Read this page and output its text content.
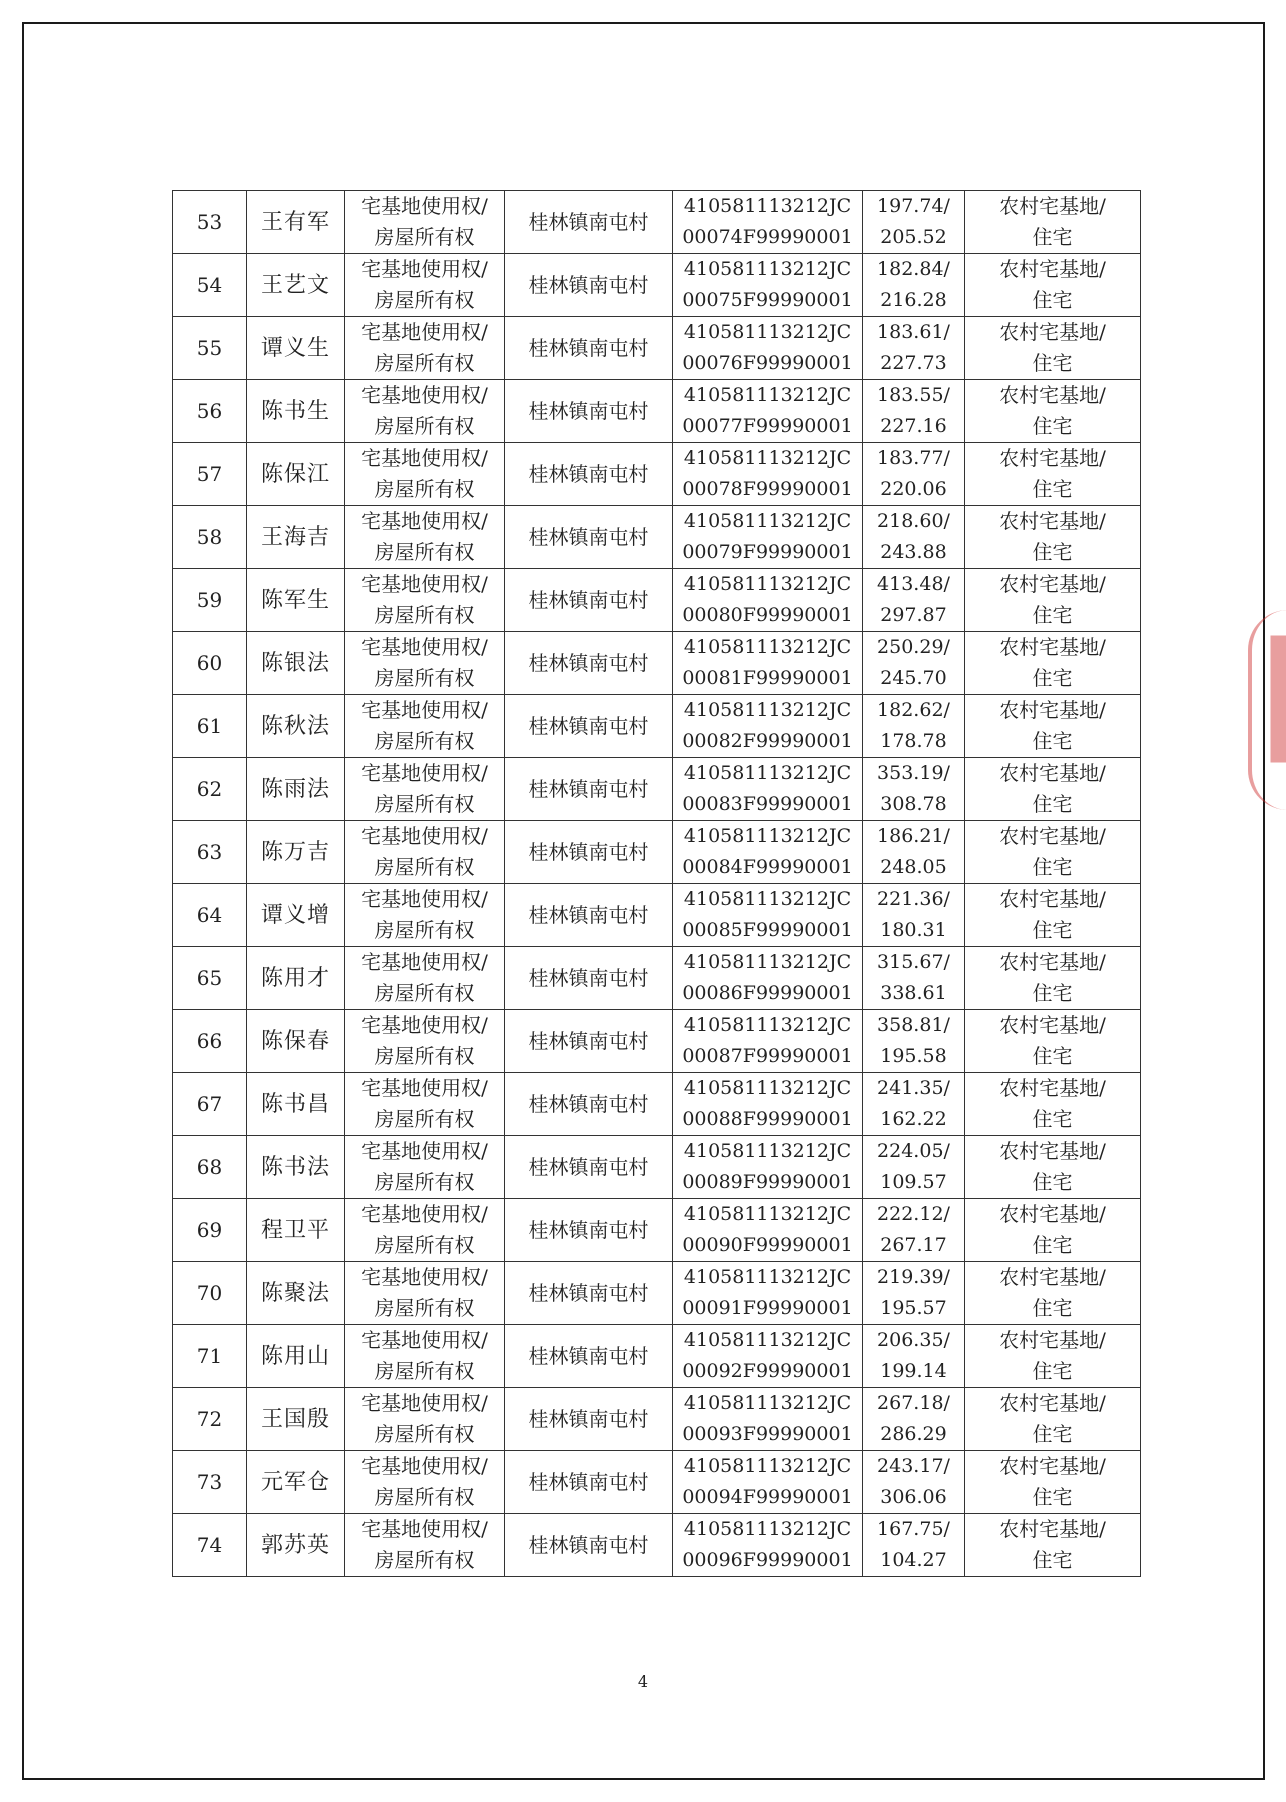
53	王有军	宅基地使用权/
房屋所有权	桂林镇南屯村	410581113212JC
00074F99990001	197.74/
205.52	农村宅基地/
住宅

54	王艺文	宅基地使用权/
房屋所有权	桂林镇南屯村	410581113212JC
00075F99990001	182.84/
216.28	农村宅基地/
住宅

55	谭义生	宅基地使用权/
房屋所有权	桂林镇南屯村	410581113212JC
00076F99990001	183.61/
227.73	农村宅基地/
住宅

56	陈书生	宅基地使用权/
房屋所有权	桂林镇南屯村	410581113212JC
00077F99990001	183.55/
227.16	农村宅基地/
住宅

57	陈保江	宅基地使用权/
房屋所有权	桂林镇南屯村	410581113212JC
00078F99990001	183.77/
220.06	农村宅基地/
住宅

58	王海吉	宅基地使用权/
房屋所有权	桂林镇南屯村	410581113212JC
00079F99990001	218.60/
243.88	农村宅基地/
住宅

59	陈军生	宅基地使用权/
房屋所有权	桂林镇南屯村	410581113212JC
00080F99990001	413.48/
297.87	农村宅基地/
住宅

60	陈银法	宅基地使用权/
房屋所有权	桂林镇南屯村	410581113212JC
00081F99990001	250.29/
245.70	农村宅基地/
住宅

61	陈秋法	宅基地使用权/
房屋所有权	桂林镇南屯村	410581113212JC
00082F99990001	182.62/
178.78	农村宅基地/
住宅

62	陈雨法	宅基地使用权/
房屋所有权	桂林镇南屯村	410581113212JC
00083F99990001	353.19/
308.78	农村宅基地/
住宅

63	陈万吉	宅基地使用权/
房屋所有权	桂林镇南屯村	410581113212JC
00084F99990001	186.21/
248.05	农村宅基地/
住宅

64	谭义增	宅基地使用权/
房屋所有权	桂林镇南屯村	410581113212JC
00085F99990001	221.36/
180.31	农村宅基地/
住宅

65	陈用才	宅基地使用权/
房屋所有权	桂林镇南屯村	410581113212JC
00086F99990001	315.67/
338.61	农村宅基地/
住宅

66	陈保春	宅基地使用权/
房屋所有权	桂林镇南屯村	410581113212JC
00087F99990001	358.81/
195.58	农村宅基地/
住宅

67	陈书昌	宅基地使用权/
房屋所有权	桂林镇南屯村	410581113212JC
00088F99990001	241.35/
162.22	农村宅基地/
住宅

68	陈书法	宅基地使用权/
房屋所有权	桂林镇南屯村	410581113212JC
00089F99990001	224.05/
109.57	农村宅基地/
住宅

69	程卫平	宅基地使用权/
房屋所有权	桂林镇南屯村	410581113212JC
00090F99990001	222.12/
267.17	农村宅基地/
住宅

70	陈聚法	宅基地使用权/
房屋所有权	桂林镇南屯村	410581113212JC
00091F99990001	219.39/
195.57	农村宅基地/
住宅

71	陈用山	宅基地使用权/
房屋所有权	桂林镇南屯村	410581113212JC
00092F99990001	206.35/
199.14	农村宅基地/
住宅

72	王国殷	宅基地使用权/
房屋所有权	桂林镇南屯村	410581113212JC
00093F99990001	267.18/
286.29	农村宅基地/
住宅

73	元军仓	宅基地使用权/
房屋所有权	桂林镇南屯村	410581113212JC
00094F99990001	243.17/
306.06	农村宅基地/
住宅

74	郭苏英	宅基地使用权/
房屋所有权	桂林镇南屯村	410581113212JC
00096F99990001	167.75/
104.27	农村宅基地/
住宅
4
